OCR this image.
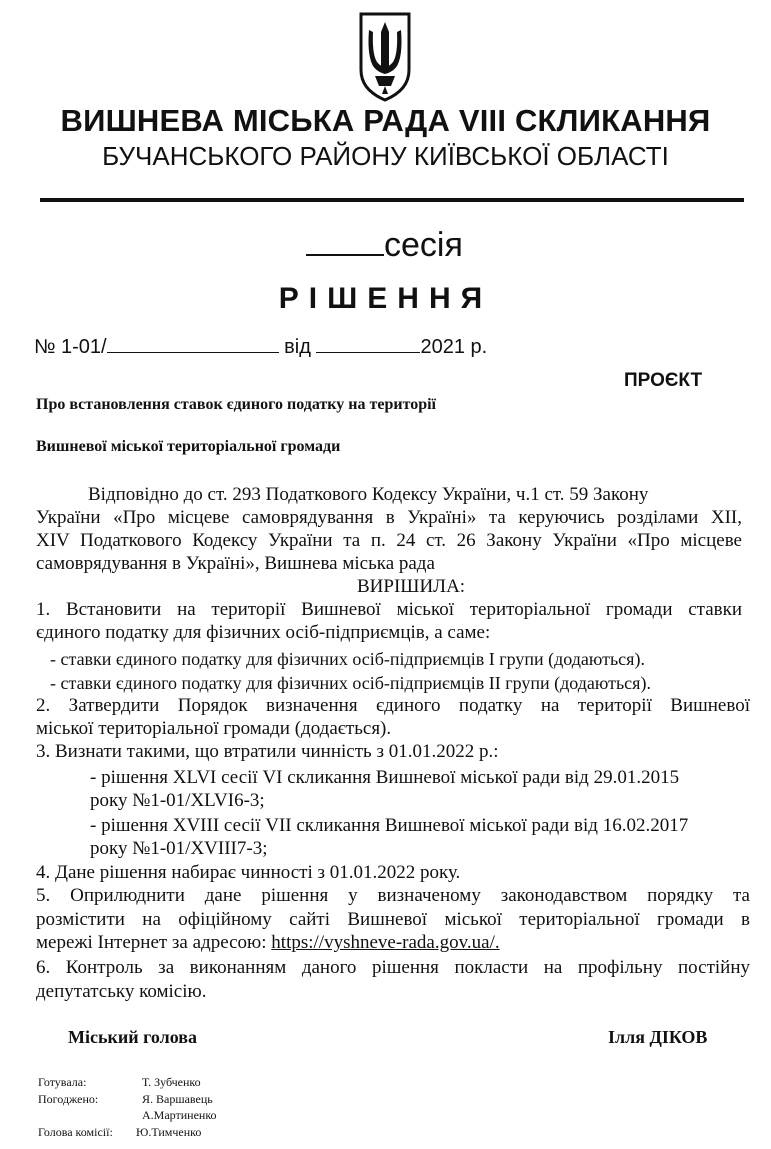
ВИШНЕВА МІСЬКА РАДА VIII СКЛИКАННЯ
БУЧАНСЬКОГО РАЙОНУ КИЇВСЬКОЇ ОБЛАСТІ
сесія
РІШЕННЯ
№ 1-01/	від	2021 р.
ПРОЄКТ
Про встановлення ставок єдиного податку на території
Вишневої міської територіальної громади
Відповідно до ст. 293 Податкового Кодексу України, ч.1 ст. 59 Закону
України «Про місцеве самоврядування в Україні» та керуючись розділами XII,
XIV Податкового Кодексу України та п. 24 ст. 26 Закону України «Про місцеве
самоврядування в Україні», Вишнева міська рада
ВИРІШИЛА:
1. Встановити на території Вишневої міської територіальної громади ставки
єдиного податку для фізичних осіб-підприємців, а саме:
- ставки єдиного податку для фізичних осіб-підприємців І групи (додаються).
- ставки єдиного податку для фізичних осіб-підприємців ІІ групи (додаються).
2. Затвердити Порядок визначення єдиного податку на території Вишневої
міської територіальної громади (додається).
3. Визнати такими, що втратили чинність з 01.01.2022 р.:
- рішення XLVI сесії VI скликання Вишневої міської ради від 29.01.2015
року №1-01/XLVI6-3;
- рішення XVIII сесії VII скликання Вишневої міської ради від 16.02.2017
року №1-01/XVIII7-3;
4. Дане рішення набирає чинності з 01.01.2022 року.
5. Оприлюднити дане рішення у визначеному законодавством порядку та
розмістити на офіційному сайті Вишневої міської територіальної громади в
мережі Інтернет за адресою: https://vyshneve-rada.gov.ua/.
6. Контроль за виконанням даного рішення покласти на профільну постійну
депутатську комісію.
Міський голова	Ілля ДІКОВ
Готувала:	Т. Зубченко
Погоджено:	Я. Варшавець
А.Мартиненко
Голова комісії: Ю.Тимченко
